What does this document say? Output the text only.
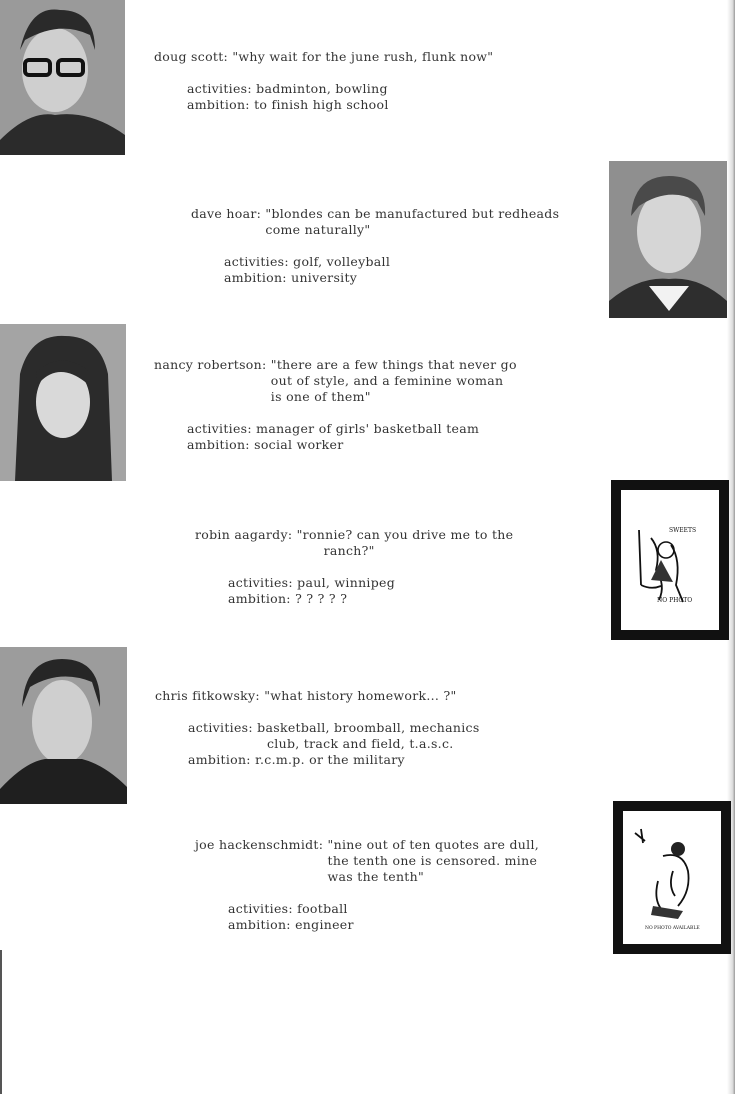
doug scott:

"why wait for the june rush, flunk now"

activities:

badminton, bowling

ambition:

to finish high school

dave hoar:

"blondes can be manufactured but redheads

come naturally"

activities:

golf, volleyball

ambition:

university

nancy robertson:

"there are a few things that never go

out of style, and a feminine woman

is one of them"

activities:

manager of girls' basketball team

ambition:

social worker

robin aagardy:

"ronnie? can you drive me to the

ranch?"

activities:

paul, winnipeg

ambition:

? ? ? ? ?

SWEETS
NO PHOTO

chris fitkowsky:

"what history homework... ?"

activities:

basketball, broomball, mechanics

club, track and field, t.a.s.c.

ambition:

r.c.m.p. or the military

joe hackenschmidt:

"nine out of ten quotes are dull,

the tenth one is censored. mine

was the tenth"

activities:

football

ambition:

engineer	NO PHOTO AVAILABLE
